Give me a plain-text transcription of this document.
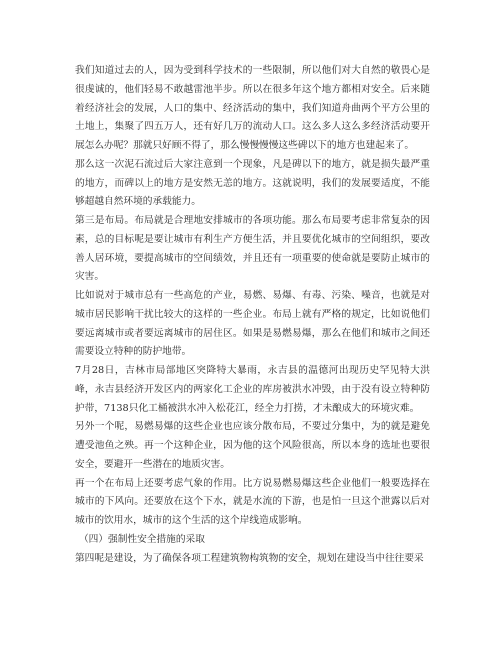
我们知道过去的人，因为受到科学技术的一些限制，所以他们对大自然的敬畏心是很虔诚的，他们轻易不敢越雷池半步。所以在很多年这个地方都相对安全。后来随着经济社会的发展，人口的集中、经济活动的集中，我们知道舟曲两个平方公里的土地上，集聚了四五万人，还有好几万的流动人口。这么多人这么多经济活动要开展怎么办呢？那就只好顾不得了，那么慢慢慢慢这些碑以下的地方也建起来了。

那么这一次泥石流过后大家注意到一个现象，凡是碑以下的地方，就是损失最严重的地方，而碑以上的地方是安然无恙的地方。这就说明，我们的发展要适度，不能够超越自然环境的承载能力。

第三是布局。布局就是合理地安排城市的各项功能。那么布局要考虑非常复杂的因素，总的目标呢是要让城市有利生产方便生活，并且要优化城市的空间组织，要改善人居环境，要提高城市的空间绩效，并且还有一项重要的使命就是要防止城市的灾害。

比如说对于城市总有一些高危的产业，易燃、易爆、有毒、污染、噪音，也就是对城市居民影响干扰比较大的这样的一些企业。布局上就有严格的规定，比如说他们要远离城市或者要远离城市的居住区。如果是易燃易爆，那么在他们和城市之间还需要设立特种的防护地带。

7月28日，吉林市局部地区突降特大暴雨，永吉县的温德河出现历史罕见特大洪峰，永吉县经济开发区内的两家化工企业的库房被洪水冲毁，由于没有设立特种防护带，7138只化工桶被洪水冲入松花江，经全力打捞，才未酿成大的环境灾难。

另外一个呢，易燃易爆的这些企业也应该分散布局，不要过分集中，为的就是避免遭受池鱼之殃。再一个这种企业，因为他的这个风险很高，所以本身的选址也要很安全，要避开一些潜在的地质灾害。

再一个在布局上还要考虑气象的作用。比方说易燃易爆这些企业他们一般要选择在城市的下风向。还要放在这个下水，就是水流的下游，也是怕一旦这个泄露以后对城市的饮用水，城市的这个生活的这个岸线造成影响。

（四）强制性安全措施的采取

第四呢是建设，为了确保各项工程建筑物构筑物的安全，规划在建设当中往往要采
